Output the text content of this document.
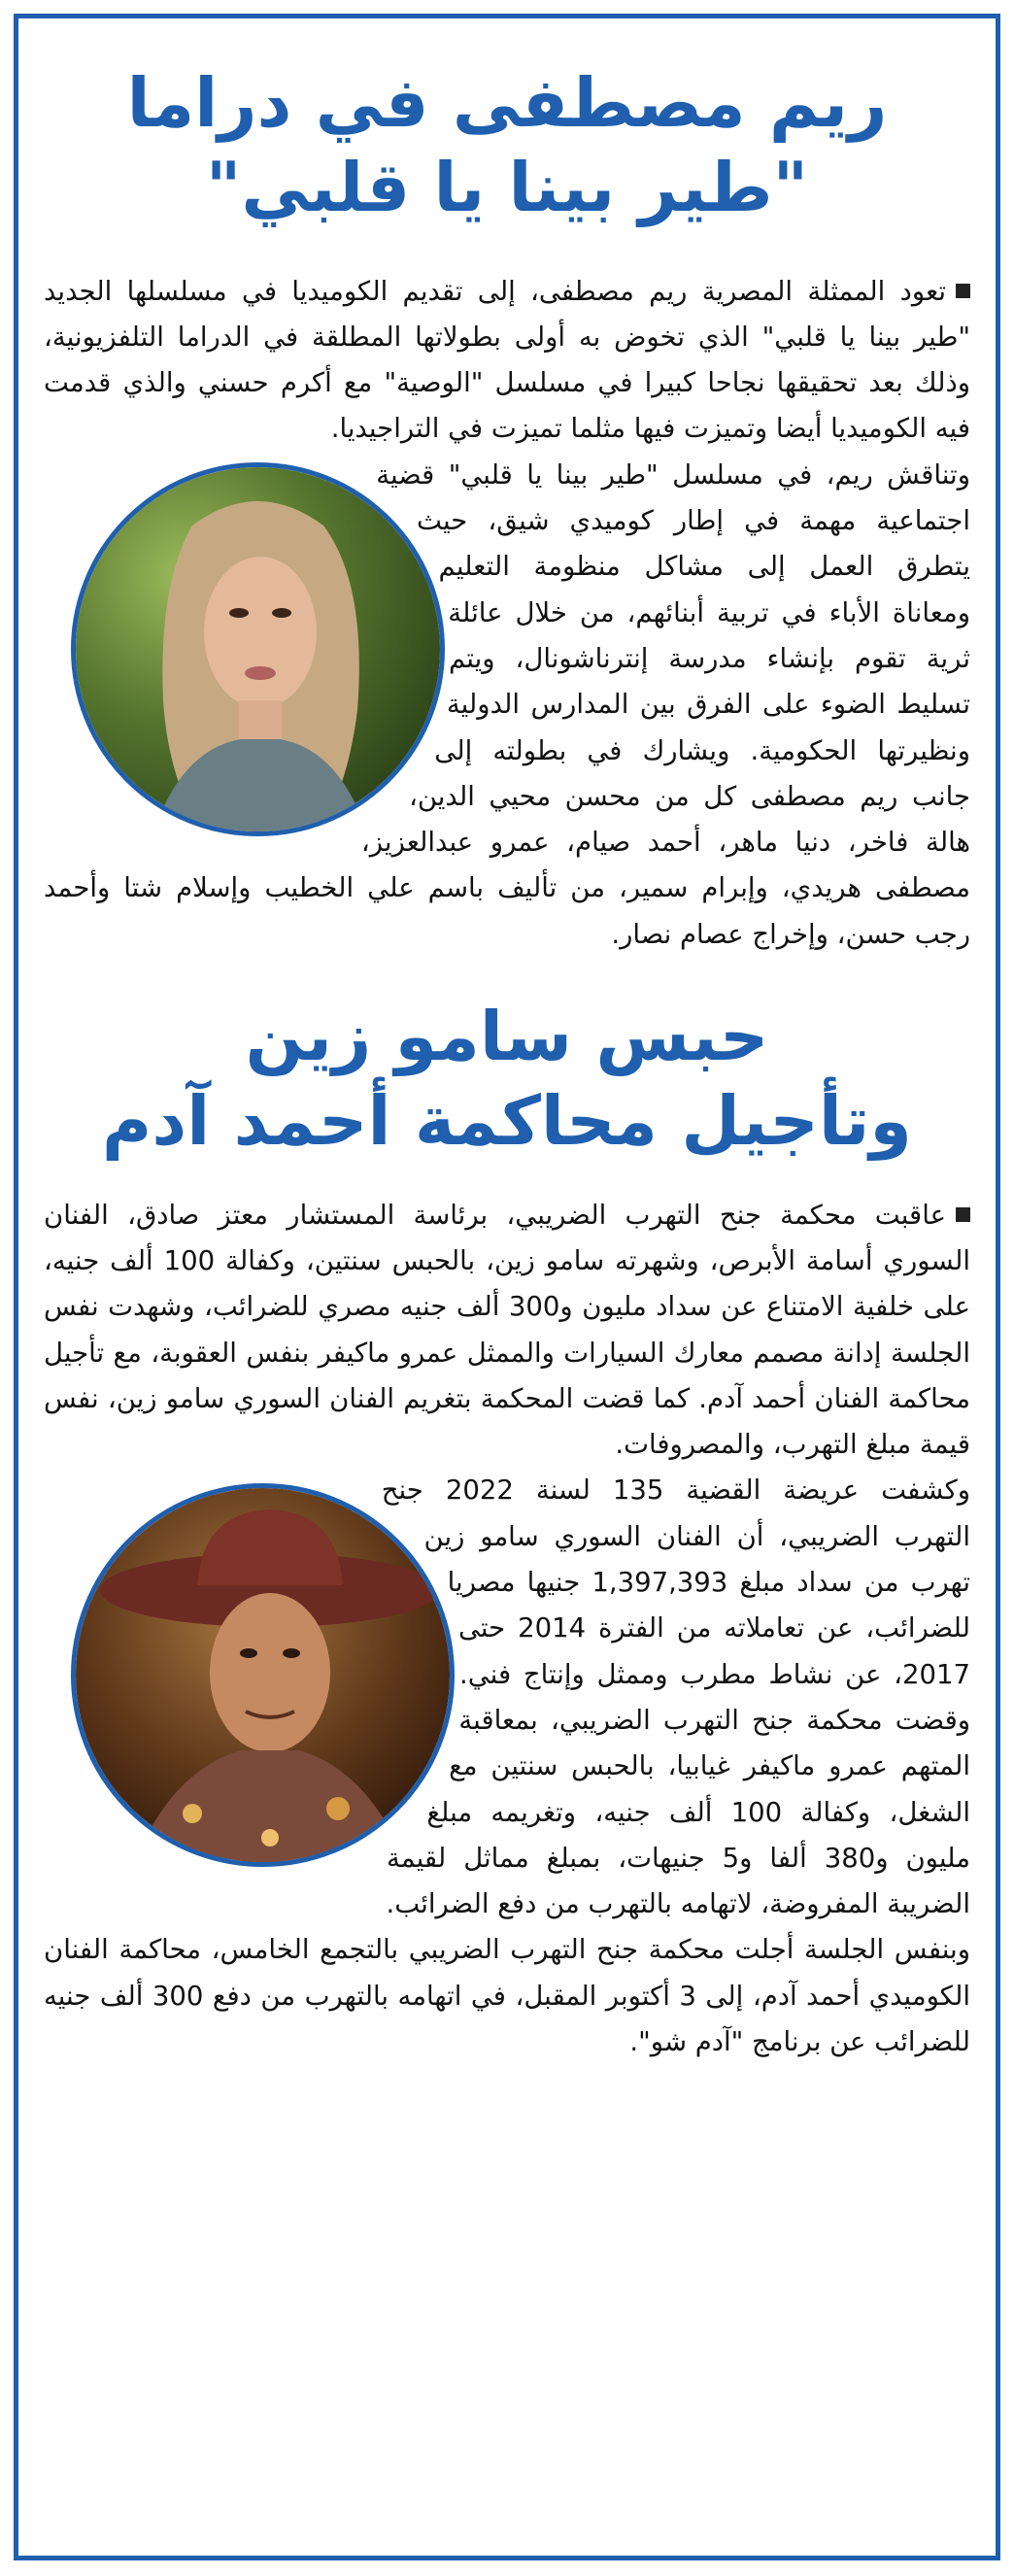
ريم مصطفى في دراما
"طير بينا يا قلبي"

تعود الممثلة المصرية ريم مصطفى، إلى تقديم الكوميديا في مسلسلها الجديد "طير بينا يا قلبي" الذي تخوض به أولى بطولاتها المطلقة في الدراما التلفزيونية، وذلك بعد تحقيقها نجاحا كبيرا في مسلسل "الوصية" مع أكرم حسني والذي قدمت فيه الكوميديا أيضا وتميزت فيها مثلما تميزت في التراجيديا.

وتناقش ريم، في مسلسل "طير بينا يا قلبي" قضية اجتماعية مهمة في إطار كوميدي شيق، حيث يتطرق العمل إلى مشاكل منظومة التعليم ومعاناة الأباء في تربية أبنائهم، من خلال عائلة ثرية تقوم بإنشاء مدرسة إنترناشونال، ويتم تسليط الضوء على الفرق بين المدارس الدولية ونظيرتها الحكومية. ويشارك في بطولته إلى جانب ريم مصطفى كل من محسن محيي الدين، هالة فاخر، دنيا ماهر، أحمد صيام، عمرو عبدالعزيز، مصطفى هريدي، وإبرام سمير، من تأليف باسم علي الخطيب وإسلام شتا وأحمد رجب حسن، وإخراج عصام نصار.

حبس سامو زين
وتأجيل محاكمة أحمد آدم

عاقبت محكمة جنح التهرب الضريبي، برئاسة المستشار معتز صادق، الفنان السوري أسامة الأبرص، وشهرته سامو زين، بالحبس سنتين، وكفالة 100 ألف جنيه، على خلفية الامتناع عن سداد مليون و300 ألف جنيه مصري للضرائب، وشهدت نفس الجلسة إدانة مصمم معارك السيارات والممثل عمرو ماكيفر بنفس العقوبة، مع تأجيل محاكمة الفنان أحمد آدم. كما قضت المحكمة بتغريم الفنان السوري سامو زين، نفس قيمة مبلغ التهرب، والمصروفات.

وكشفت عريضة القضية 135 لسنة 2022 جنح التهرب الضريبي، أن الفنان السوري سامو زين تهرب من سداد مبلغ 1,397,393 جنيها مصريا للضرائب، عن تعاملاته من الفترة 2014 حتى 2017، عن نشاط مطرب وممثل وإنتاج فني. وقضت محكمة جنح التهرب الضريبي، بمعاقبة المتهم عمرو ماكيفر غيابيا، بالحبس سنتين مع الشغل، وكفالة 100 ألف جنيه، وتغريمه مبلغ مليون و380 ألفا و5 جنيهات، بمبلغ مماثل لقيمة الضريبة المفروضة، لاتهامه بالتهرب من دفع الضرائب.

وبنفس الجلسة أجلت محكمة جنح التهرب الضريبي بالتجمع الخامس، محاكمة الفنان الكوميدي أحمد آدم، إلى 3 أكتوبر المقبل، في اتهامه بالتهرب من دفع 300 ألف جنيه للضرائب عن برنامج "آدم شو".
